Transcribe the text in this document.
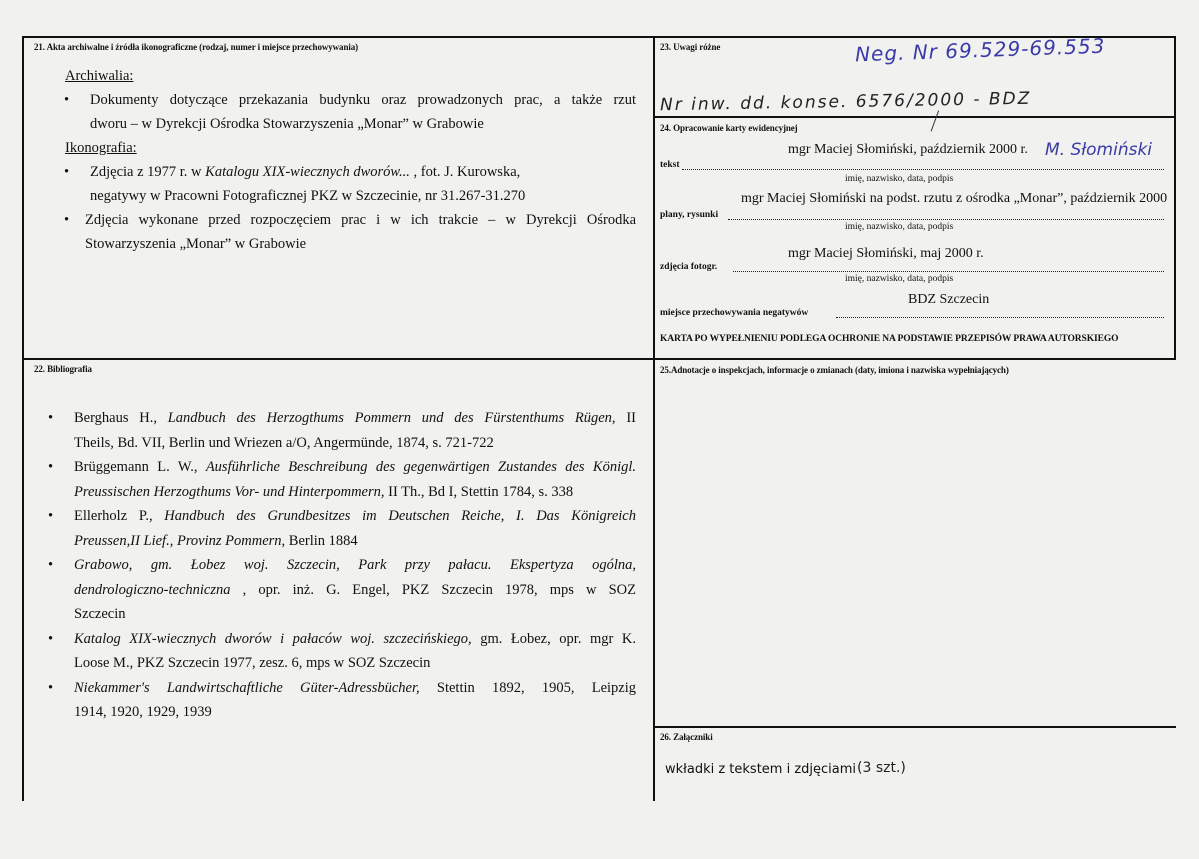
21. Akta archiwalne i źródła ikonograficzne (rodzaj, numer i miejsce przechowywania)
Archiwalia:
• Dokumenty dotyczące przekazania budynku oraz prowadzonych prac, a także rzut
dworu – w Dyrekcji Ośrodka Stowarzyszenia „Monar” w Grabowie
Ikonografia:
• Zdjęcia z 1977 r. w Katalogu XIX-wiecznych dworów... , fot. J. Kurowska,
negatywy w Pracowni Fotograficznej PKZ w Szczecinie, nr 31.267-31.270
• Zdjęcia wykonane przed rozpoczęciem prac i w ich trakcie – w Dyrekcji Ośrodka
Stowarzyszenia „Monar” w Grabowie
22. Bibliografia
• Berghaus H., Landbuch des Herzogthums Pommern und des Fürstenthums Rügen, II
Theils, Bd. VII, Berlin und Wriezen a/O, Angermünde, 1874, s. 721-722
• Brüggemann L. W., Ausführliche Beschreibung des gegenwärtigen Zustandes des Königl.
Preussischen Herzogthums Vor- und Hinterpommern, II Th., Bd I, Stettin 1784, s. 338
• Ellerholz P., Handbuch des Grundbesitzes im Deutschen Reiche, I. Das Königreich
Preussen,II Lief., Provinz Pommern, Berlin 1884
• Grabowo, gm. Łobez woj. Szczecin, Park przy pałacu. Ekspertyza ogólna,
dendrologiczno-techniczna , opr. inż. G. Engel, PKZ Szczecin 1978, mps w SOZ
Szczecin
• Katalog XIX-wiecznych dworów i pałaców woj. szczecińskiego, gm. Łobez, opr. mgr K.
Loose M., PKZ Szczecin 1977, zesz. 6, mps w SOZ Szczecin
• Niekammer's Landwirtschaftliche Güter-Adressbücher, Stettin 1892, 1905, Leipzig
1914, 1920, 1929, 1939
23. Uwagi różne	Neg. Nr 69.529-69.553
Nr inw. dd. konse. 6576/2000 - BDZ
24. Opracowanie karty ewidencyjnej
mgr Maciej Słomiński, październik 2000 r. M. Słomiński
tekst
imię, nazwisko, data, podpis
mgr Maciej Słomiński na podst. rzutu z ośrodka „Monar”, październik 2000
plany, rysunki
imię, nazwisko, data, podpis
mgr Maciej Słomiński, maj 2000 r.
zdjęcia fotogr.
imię, nazwisko, data, podpis
BDZ Szczecin
miejsce przechowywania negatywów
KARTA PO WYPEŁNIENIU PODLEGA OCHRONIE NA PODSTAWIE PRZEPISÓW PRAWA AUTORSKIEGO
25.Adnotacje o inspekcjach, informacje o zmianach (daty, imiona i nazwiska wypełniających)
26. Załączniki
wkładki z tekstem i zdjęciami (3 szt.)
